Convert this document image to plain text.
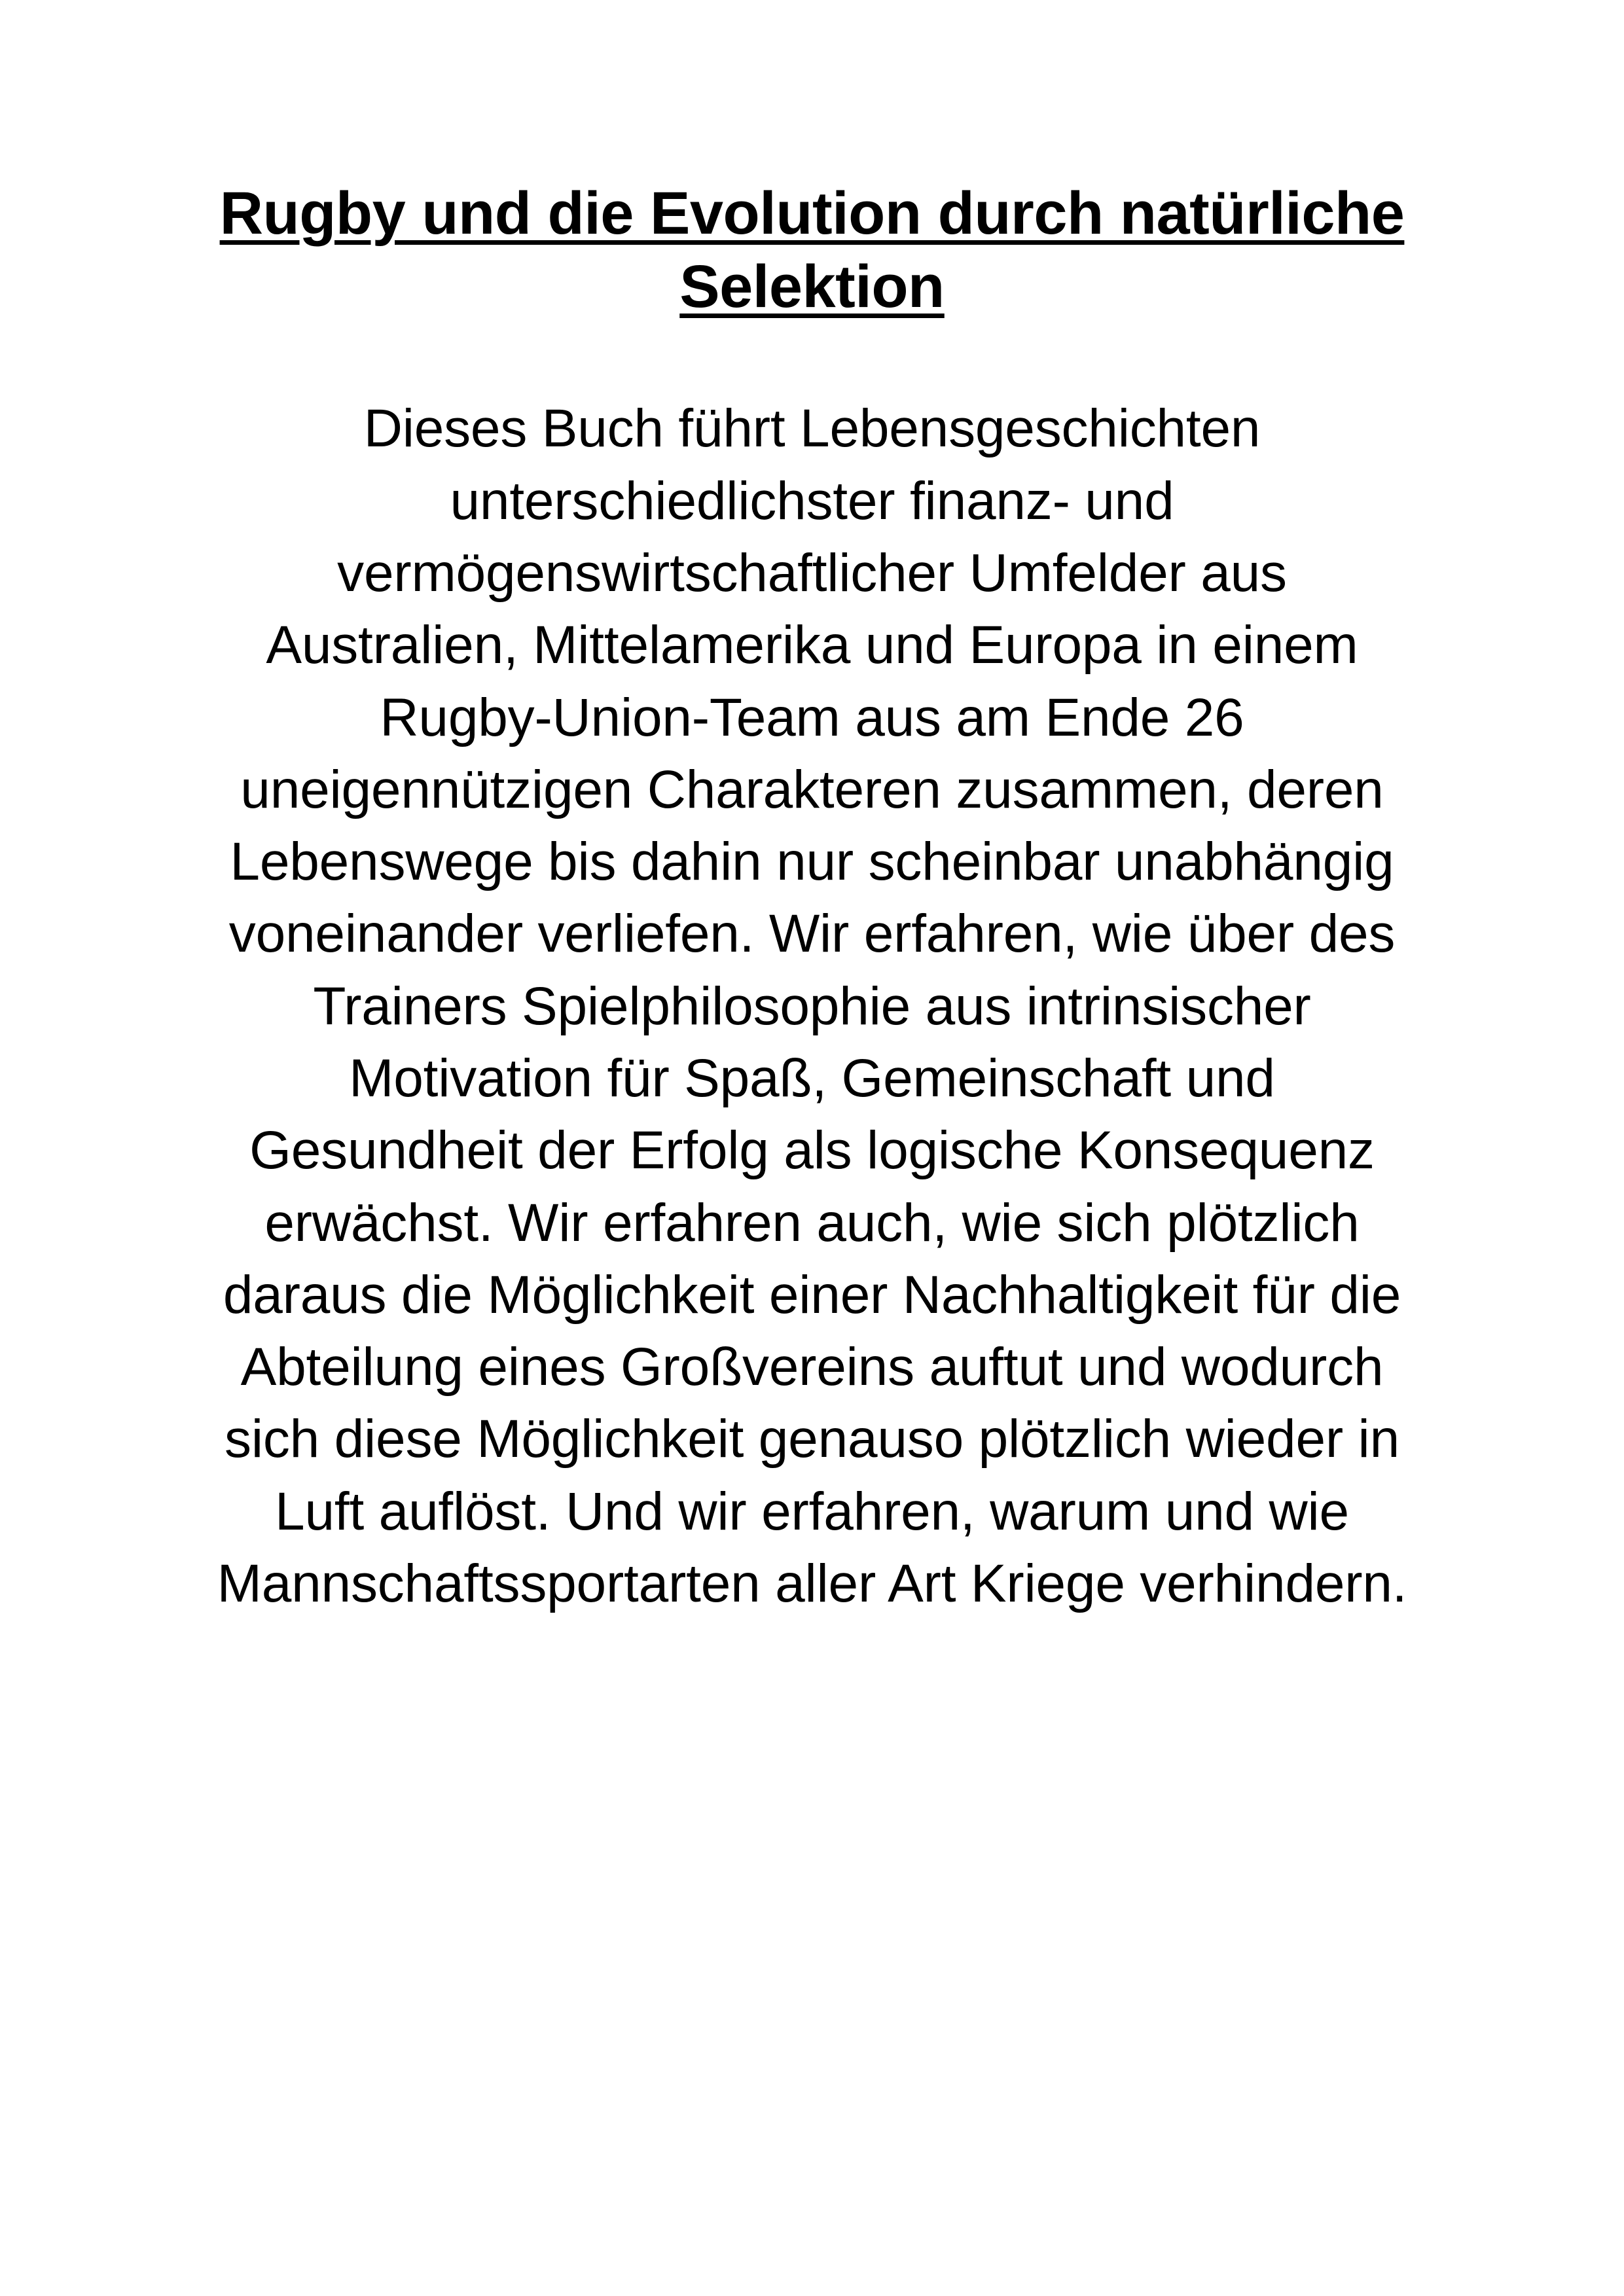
Rugby und die Evolution durch natürliche Selektion

Dieses Buch führt Lebensgeschichten unterschiedlichster finanz- und vermögenswirtschaftlicher Umfelder aus Australien, Mittelamerika und Europa in einem Rugby-Union-Team aus am Ende 26 uneigennützigen Charakteren zusammen, deren Lebenswege bis dahin nur scheinbar unabhängig voneinander verliefen. Wir erfahren, wie über des Trainers Spielphilosophie aus intrinsischer Motivation für Spaß, Gemeinschaft und Gesundheit der Erfolg als logische Konsequenz erwächst. Wir erfahren auch, wie sich plötzlich daraus die Möglichkeit einer Nachhaltigkeit für die Abteilung eines Großvereins auftut und wodurch sich diese Möglichkeit genauso plötzlich wieder in Luft auflöst. Und wir erfahren, warum und wie Mannschaftssportarten aller Art Kriege verhindern.
